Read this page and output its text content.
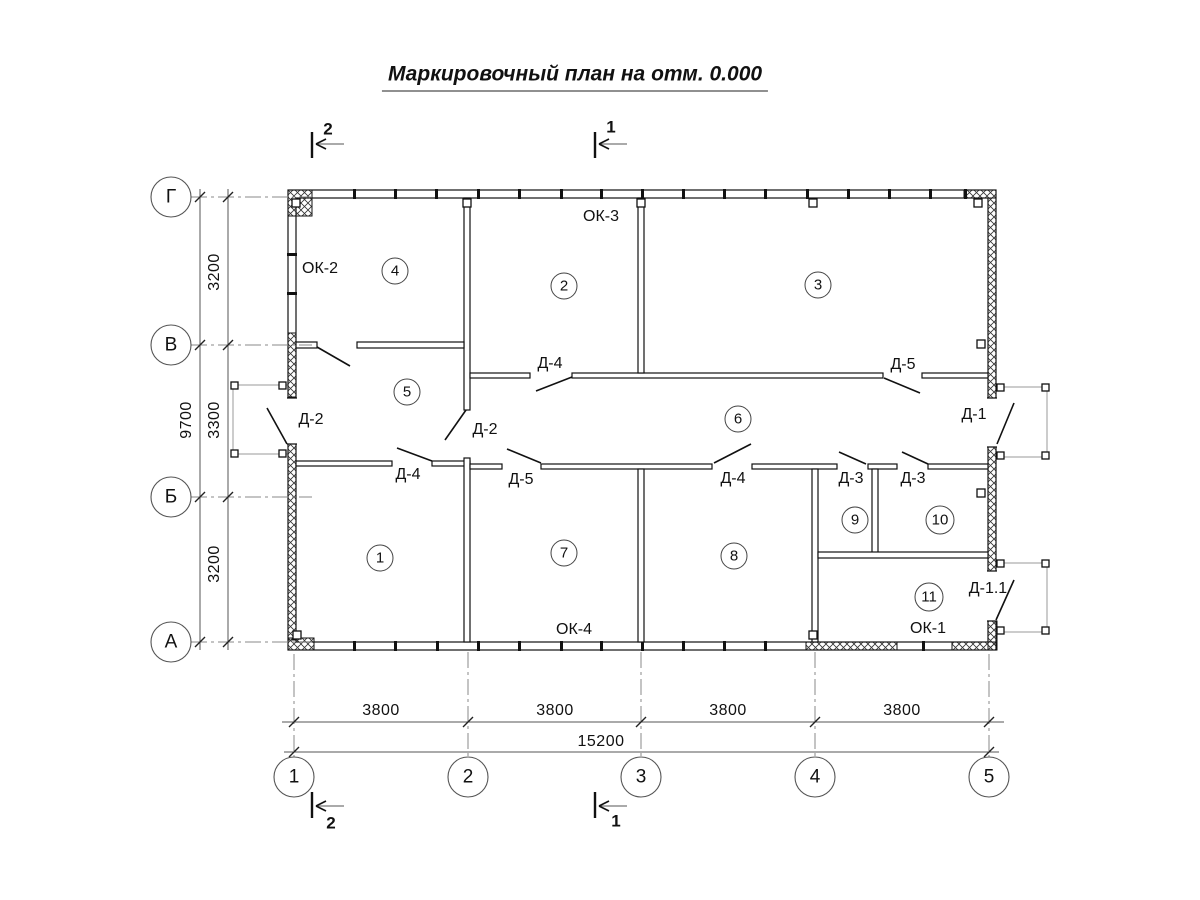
Маркировочный план на отм. 0.000
Г
В
Б
А
1	2	3	4	5
3200
3300
3200
9700
3800	3800	3800	3800
15200
1
2	3
4
5
6
7	8
9	10
11
ОК-2
ОК-3
ОК-4	ОК-1
Д-2
Д-4
Д-2
Д-5
Д-1
Д-4	Д-5	Д-4	Д-3 Д-3
Д-1.1
2	1
2	1
